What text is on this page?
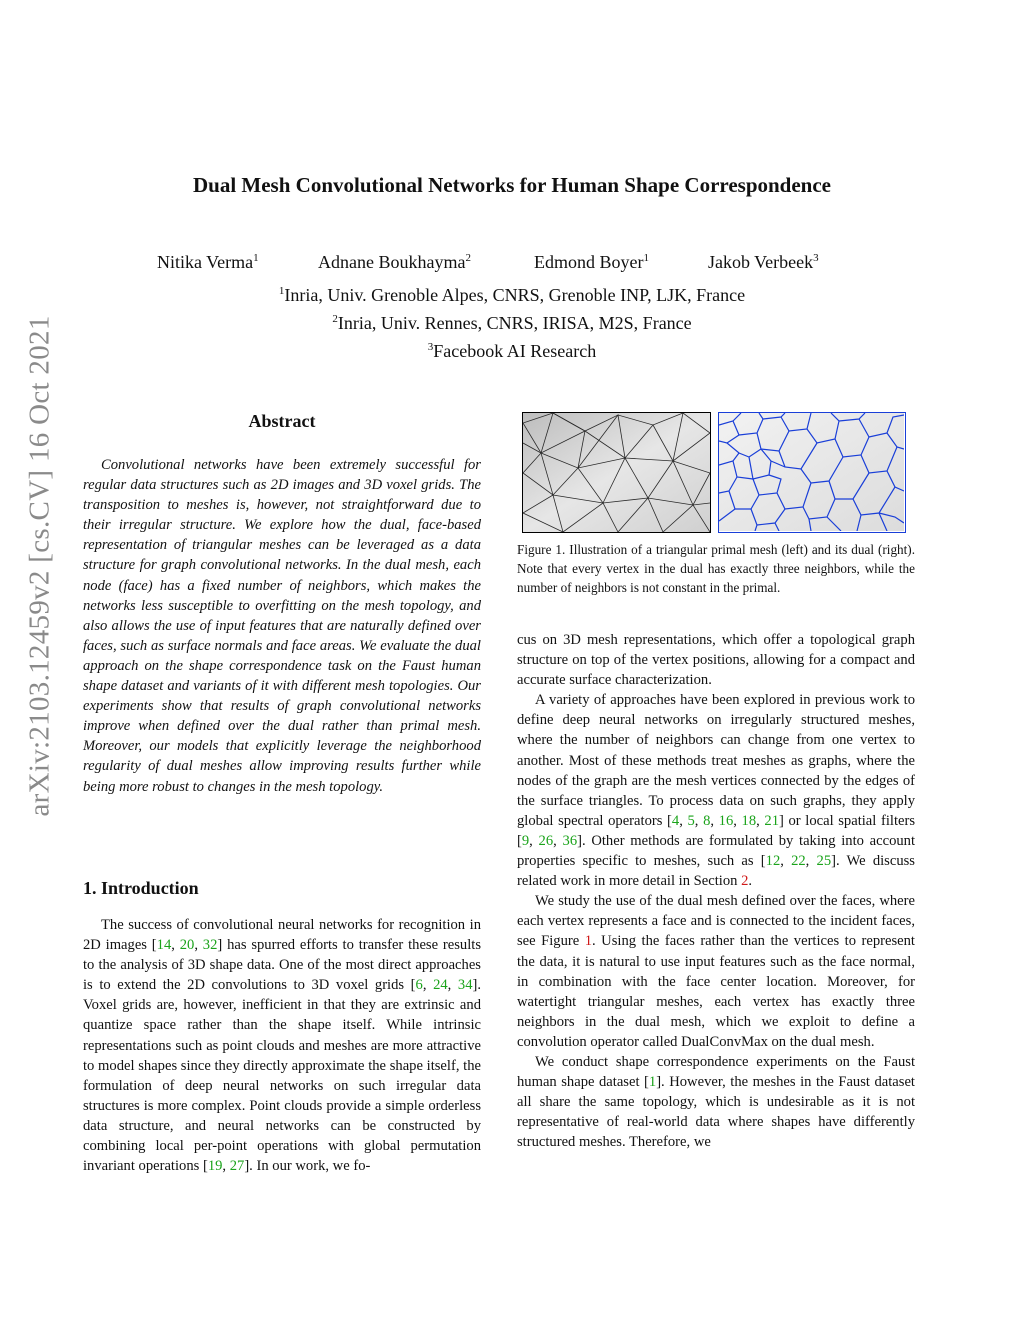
arXiv:2103.12459v2 [cs.CV] 16 Oct 2021
Dual Mesh Convolutional Networks for Human Shape Correspondence
Nitika Verma$^1$	Adnane Boukhayma$^2$	Edmond Boyer$^1$	Jakob Verbeek$^3$
$^1$Inria, Univ. Grenoble Alpes, CNRS, Grenoble INP, LJK, France
$^2$Inria, Univ. Rennes, CNRS, IRISA, M2S, France
$^3$Facebook AI Research
Abstract

Convolutional networks have been extremely successful for regular data structures such as 2D images and 3D voxel grids. The transposition to meshes is, however, not straightforward due to their irregular structure. We explore how the dual, face-based representation of triangular meshes can be leveraged as a data structure for graph convolutional networks. In the dual mesh, each node (face) has a fixed number of neighbors, which makes the networks less susceptible to overfitting on the mesh topology, and also allows the use of input features that are naturally defined over faces, such as surface normals and face areas. We evaluate the dual approach on the shape correspondence task on the Faust human shape dataset and variants of it with different mesh topologies. Our experiments show that results of graph convolutional networks improve when defined over the dual rather than primal mesh. Moreover, our models that explicitly leverage the neighborhood regularity of dual meshes allow improving results further while being more robust to changes in the mesh topology.

1. Introduction

The success of convolutional neural networks for recognition in 2D images [14, 20, 32] has spurred efforts to transfer these results to the analysis of 3D shape data. One of the most direct approaches is to extend the 2D convolutions to 3D voxel grids [6, 24, 34]. Voxel grids are, however, inefficient in that they are extrinsic and quantize space rather than the shape itself. While intrinsic representations such as point clouds and meshes are more attractive to model shapes since they directly approximate the shape itself, the formulation of deep neural networks on such irregular data structures is more complex. Point clouds provide a simple orderless data structure, and neural networks can be constructed by combining local per-point operations with global permutation invariant operations [19, 27]. In our work, we fo-

Figure 1. Illustration of a triangular primal mesh (left) and its dual (right). Note that every vertex in the dual has exactly three neighbors, while the number of neighbors is not constant in the primal.

cus on 3D mesh representations, which offer a topological graph structure on top of the vertex positions, allowing for a compact and accurate surface characterization.

A variety of approaches have been explored in previous work to define deep neural networks on irregularly structured meshes, where the number of neighbors can change from one vertex to another. Most of these methods treat meshes as graphs, where the nodes of the graph are the mesh vertices connected by the edges of the surface triangles. To process data on such graphs, they apply global spectral operators [4, 5, 8, 16, 18, 21] or local spatial filters [9, 26, 36]. Other methods are formulated by taking into account properties specific to meshes, such as [12, 22, 25]. We discuss related work in more detail in Section 2.

We study the use of the dual mesh defined over the faces, where each vertex represents a face and is connected to the incident faces, see Figure 1. Using the faces rather than the vertices to represent the data, it is natural to use input features such as the face normal, in combination with the face center location. Moreover, for watertight triangular meshes, each vertex has exactly three neighbors in the dual mesh, which we exploit to define a convolution operator called DualConvMax on the dual mesh.

We conduct shape correspondence experiments on the Faust human shape dataset [1]. However, the meshes in the Faust dataset all share the same topology, which is undesirable as it is not representative of real-world data where shapes have differently structured meshes. Therefore, we
